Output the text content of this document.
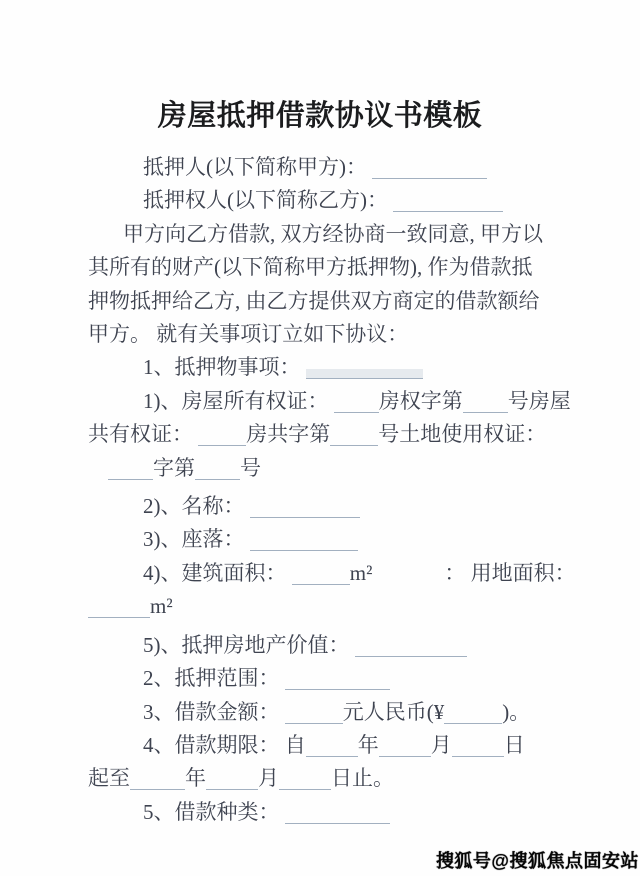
房屋抵押借款协议书模板
抵押人(以下简称甲方)：
抵押权人(以下简称乙方)：
甲方向乙方借款, 双方经协商一致同意, 甲方以
其所有的财产(以下简称甲方抵押物), 作为借款抵
押物抵押给乙方, 由乙方提供双方商定的借款额给
甲方。 就有关事项订立如下协议：
1、抵押物事项：
1)、房屋所有权证： 房权字第 号房屋
共有权证： 房共字第 号土地使用权证：
字第 号
2)、名称：
3)、座落：
4)、建筑面积：	m²	： 用地面积：
m²
5)、抵押房地产价值：
2、抵押范围：
3、借款金额：	元人民币(¥	)。
4、借款期限： 自 年 月 日
起至	年 月 日止。
5、借款种类：
搜狐号@搜狐焦点固安站
